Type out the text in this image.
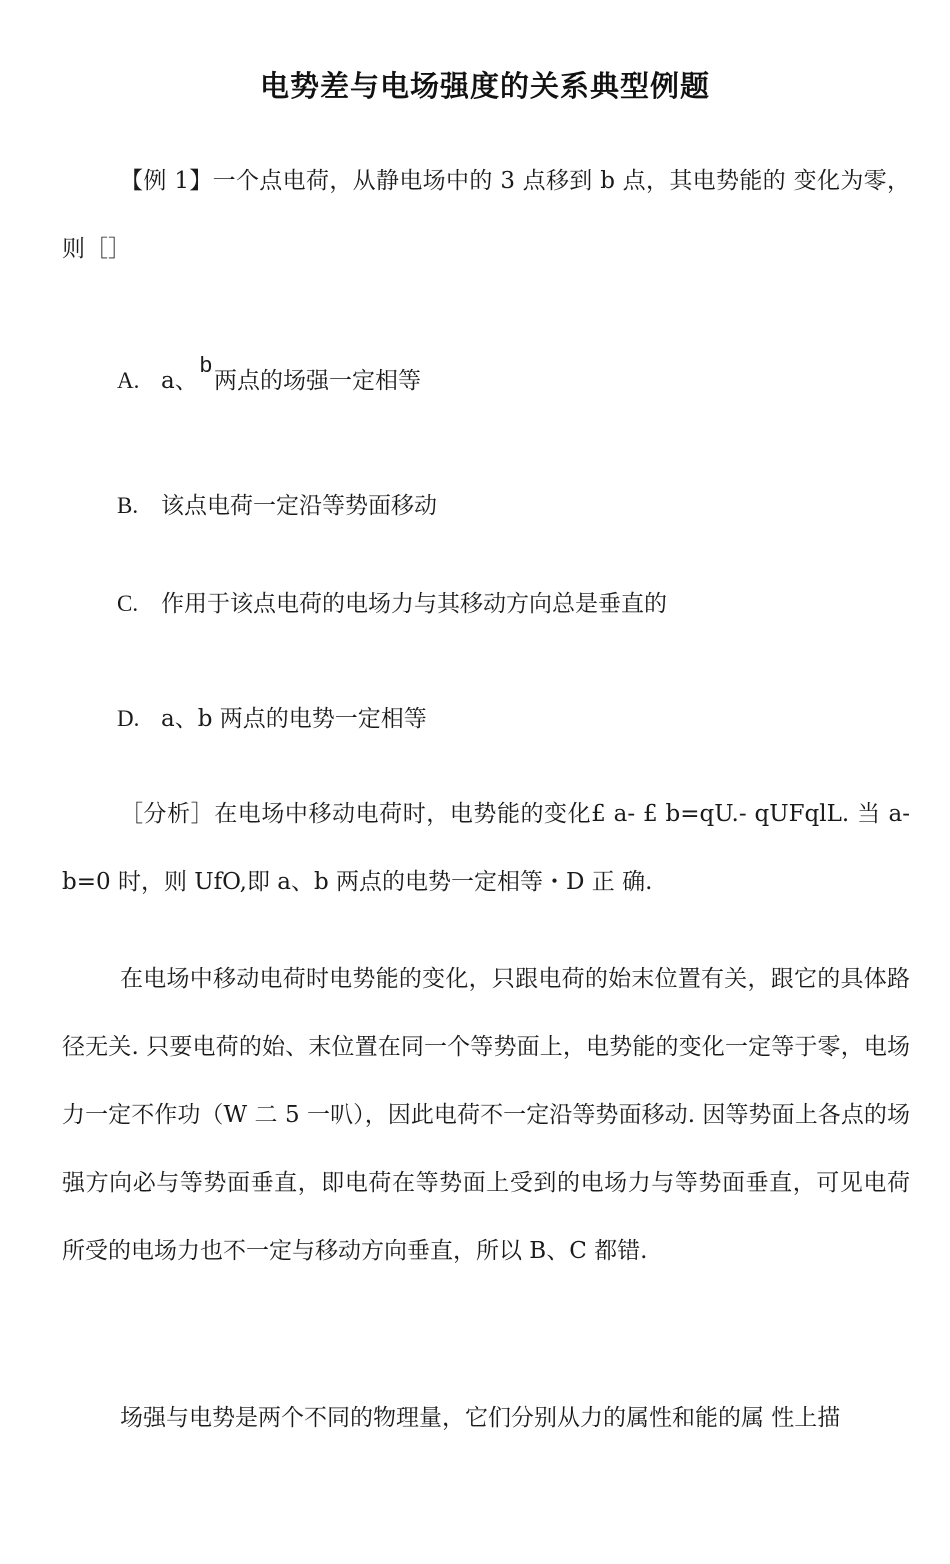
电势差与电场强度的关系典型例题
【例 1】一个点电荷，从静电场中的 3 点移到 b 点，其电势能的 变化为零，则［］
A. a、b两点的场强一定相等
B. 该点电荷一定沿等势面移动
C. 作用于该点电荷的电场力与其移动方向总是垂直的
D. a、b 两点的电势一定相等
［分析］在电场中移动电荷时，电势能的变化£ a- £ b=qU.- qUFqlL. 当 a-b=0 时，则 UfO,即 a、b 两点的电势一定相等・D 正 确.
在电场中移动电荷时电势能的变化，只跟电荷的始末位置有关，跟它的具体路径无关. 只要电荷的始、末位置在同一个等势面上，电势能的变化一定等于零，电场力一定不作功（W 二 5 一叭），因此电荷不一定沿等势面移动. 因等势面上各点的场强方向必与等势面垂直，即电荷在等势面上受到的电场力与等势面垂直，可见电荷所受的电场力也不一定与移动方向垂直，所以 B、C 都错.
场强与电势是两个不同的物理量，它们分别从力的属性和能的属 性上描
